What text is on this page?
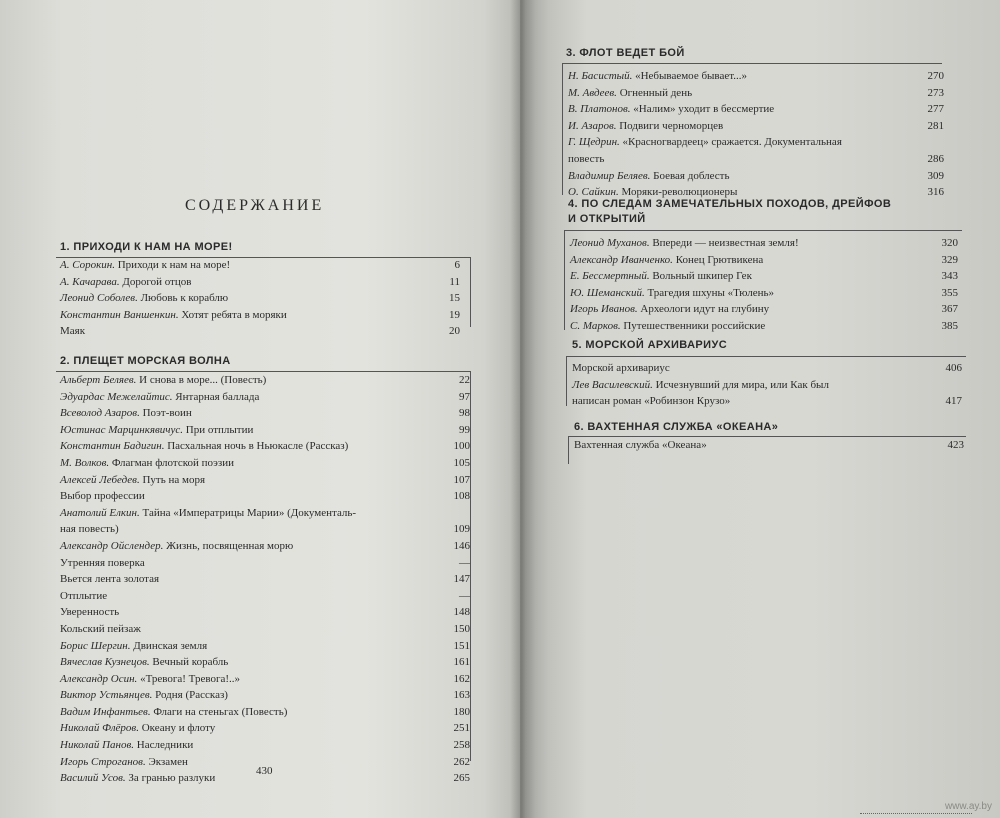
СОДЕРЖАНИЕ
1. ПРИХОДИ К НАМ НА МОРЕ!
А. Сорокин. Приходи к нам на море!	6
А. Качарава. Дорогой отцов	11
Леонид Соболев. Любовь к кораблю	15
Константин Ваншенкин. Хотят ребята в моряки	19
Маяк	20
2. ПЛЕЩЕТ МОРСКАЯ ВОЛНА
Альберт Беляев. И снова в море... (Повесть)	22
Эдуардас Межелайтис. Янтарная баллада	97
Всеволод Азаров. Поэт-воин	98
Юстинас Марцинкявичус. При отплытии	99
Константин Бадигин. Пасхальная ночь в Ньюкасле (Рассказ)	100
М. Волков. Флагман флотской поэзии	105
Алексей Лебедев. Путь на моря	107
Выбор профессии	108
Анатолий Елкин. Тайна «Императрицы Марии» (Документаль-
ная повесть)	109
Александр Ойслендер. Жизнь, посвященная морю	146
Утренняя поверка	—
Вьется лента золотая	147
Отплытие	—
Уверенность	148
Кольский пейзаж	150
Борис Шергин. Двинская земля	151
Вячеслав Кузнецов. Вечный корабль	161
Александр Осин. «Тревога! Тревога!..»	162
Виктор Устьянцев. Родня (Рассказ)	163
Вадим Инфантьев. Флаги на стеньгах (Повесть)	180
Николай Флёров. Океану и флоту	251
Николай Панов. Наследники	258
Игорь Строганов. Экзамен	262
Василий Усов. За гранью разлуки	265
430
3. ФЛОТ ВЕДЕТ БОЙ
Н. Басистый. «Небываемое бывает...»	270
М. Авдеев. Огненный день	273
В. Платонов. «Налим» уходит в бессмертие	277
И. Азаров. Подвиги черноморцев	281
Г. Щедрин. «Красногвардеец» сражается. Документальная
повесть	286
Владимир Беляев. Боевая доблесть	309
О. Сайкин. Моряки-революционеры	316
4. ПО СЛЕДАМ ЗАМЕЧАТЕЛЬНЫХ ПОХОДОВ, ДРЕЙФОВ
И ОТКРЫТИЙ
Леонид Муханов. Впереди — неизвестная земля!	320
Александр Иванченко. Конец Грютвикена	329
Е. Бессмертный. Вольный шкипер Гек	343
Ю. Шеманский. Трагедия шхуны «Тюлень»	355
Игорь Иванов. Археологи идут на глубину	367
С. Марков. Путешественники российские	385
5. МОРСКОЙ АРХИВАРИУС
Морской архивариус	406
Лев Василевский. Исчезнувший для мира, или Как был
написан роман «Робинзон Крузо»	417
6. ВАХТЕННАЯ СЛУЖБА «ОКЕАНА»
Вахтенная служба «Океана»	423
www.ay.by
